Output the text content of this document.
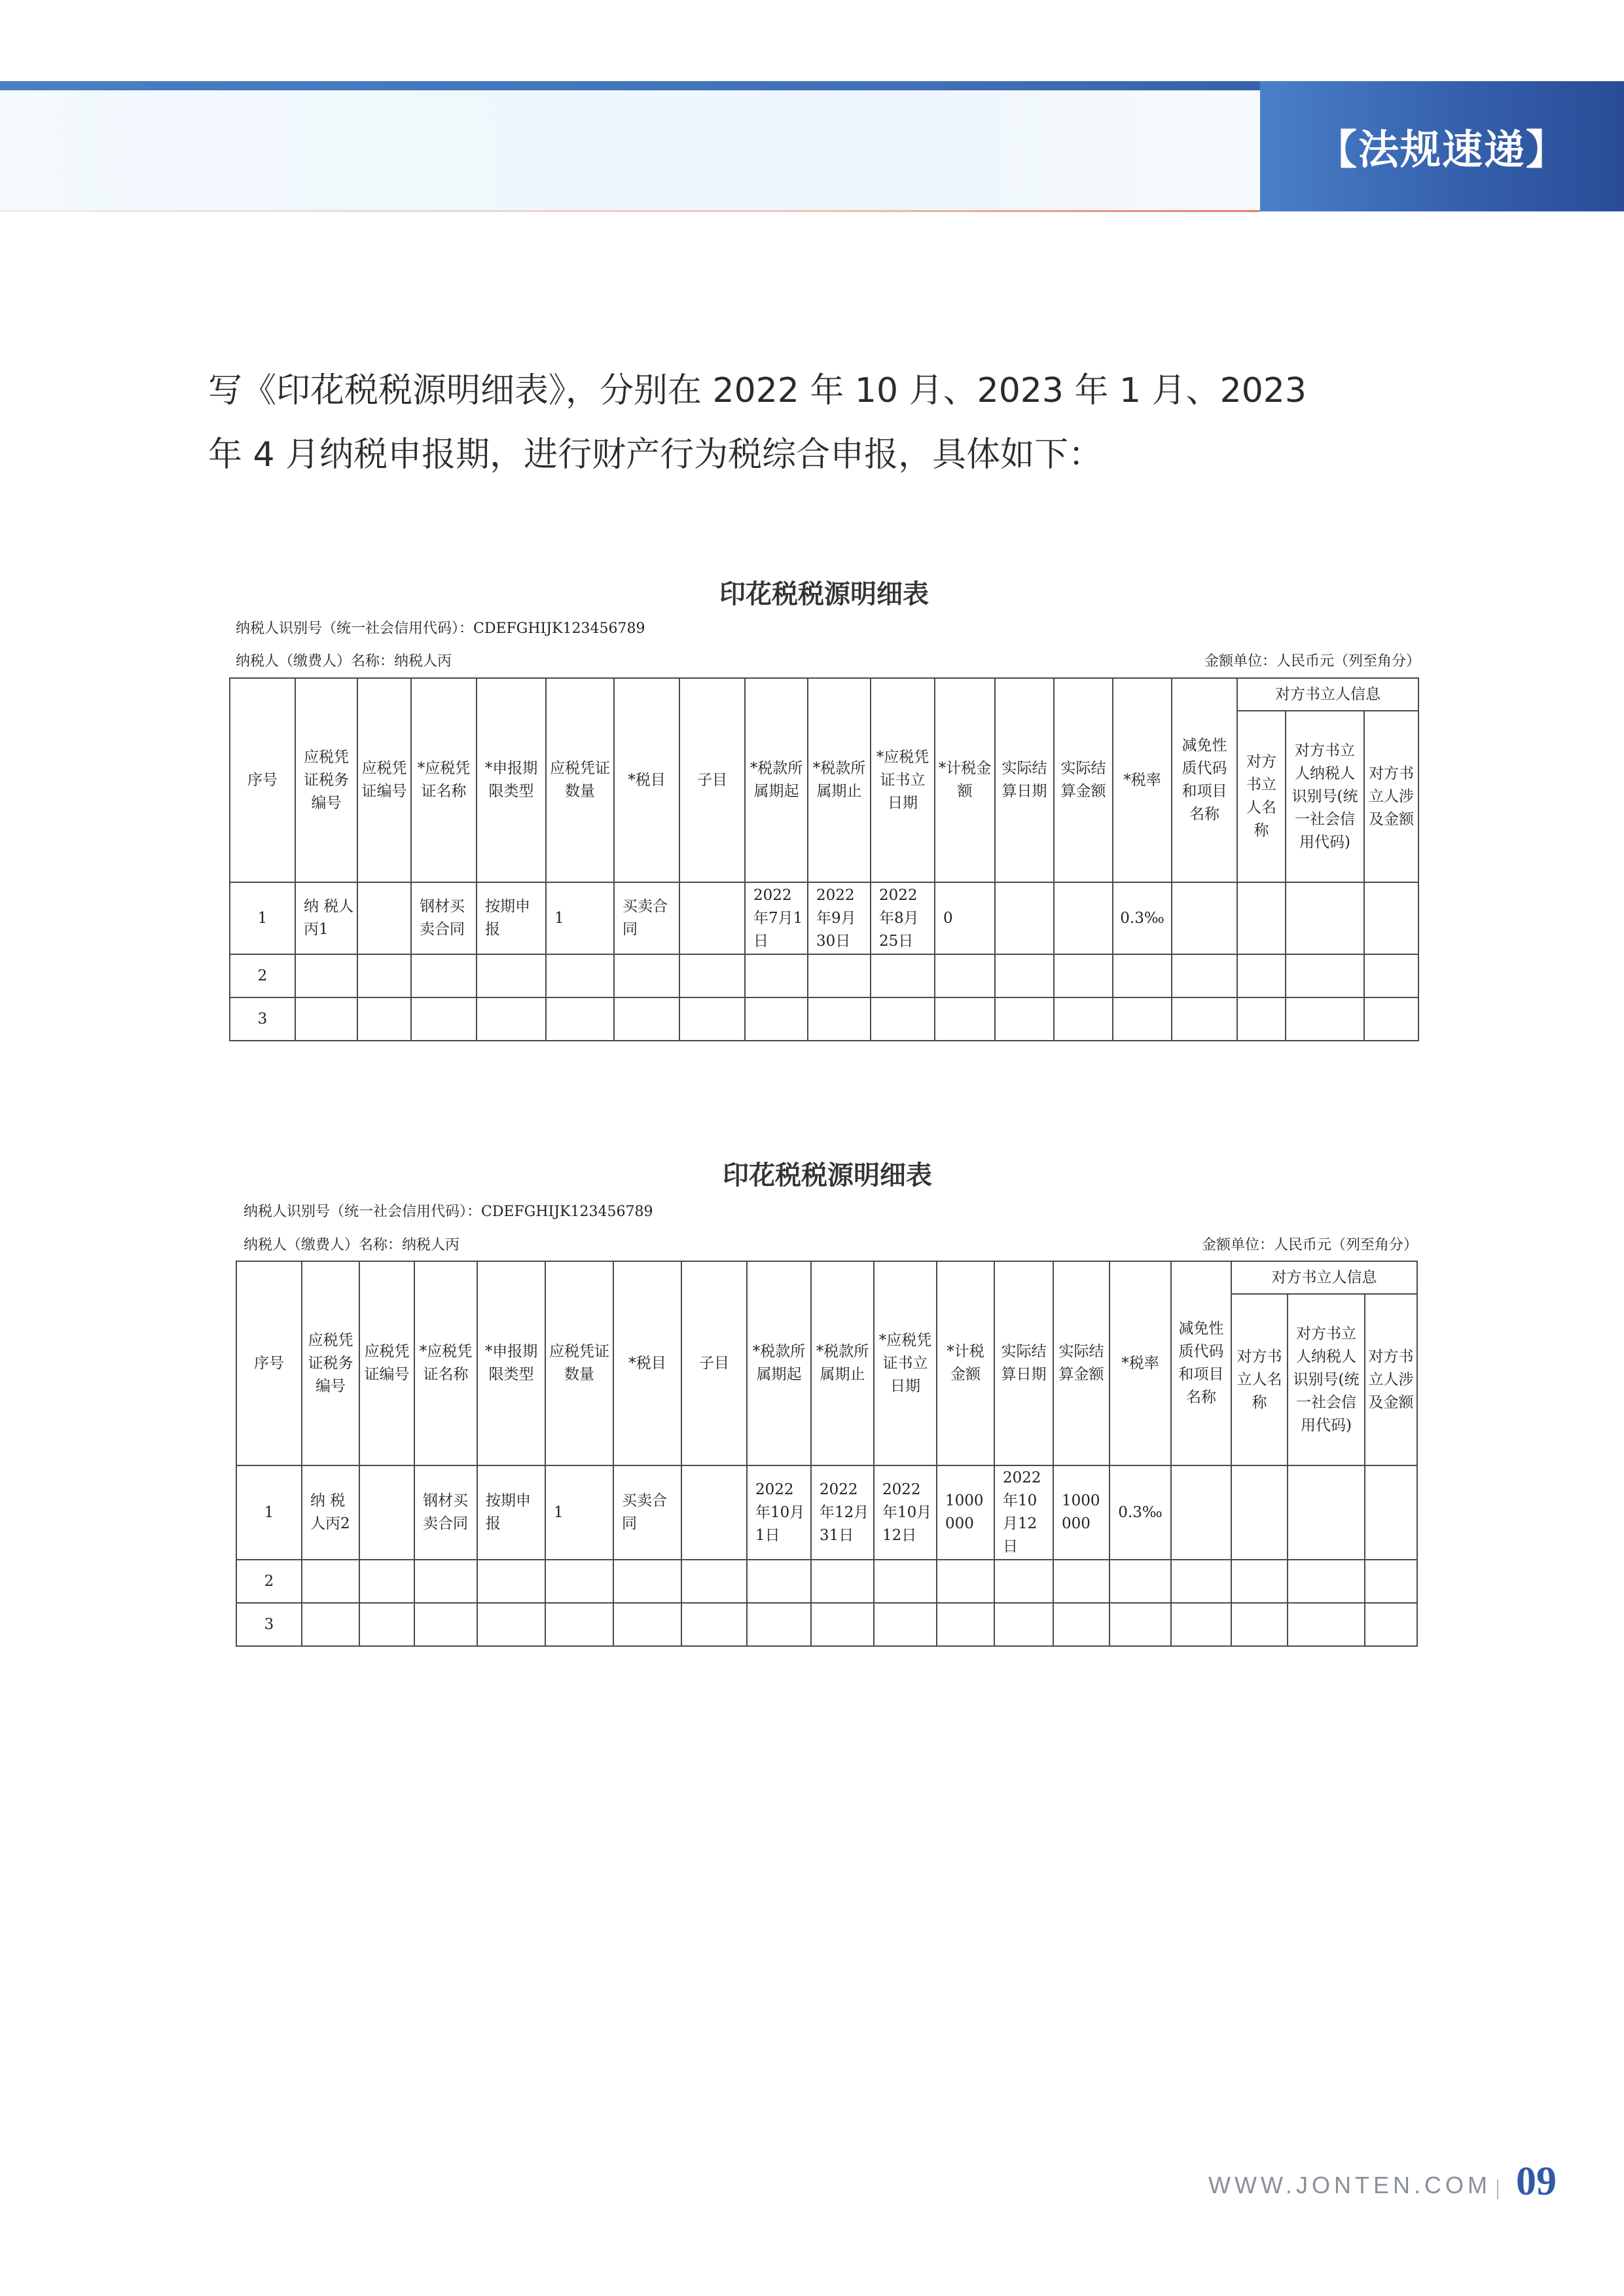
【法规速递】

写《印花税税源明细表》，分别在 2022 年 10 月、2023 年 1 月、2023

年 4 月纳税申报期，进行财产行为税综合申报，具体如下：

印花税税源明细表
纳税人识别号（统一社会信用代码）：CDEFGHIJK123456789
纳税人（缴费人）名称：纳税人丙	金额单位：人民币元（列至角分）
序号	应税凭证税务编号	应税凭证编号	*应税凭证名称	*申报期限类型	应税凭证数量	*税目	子目	*税款所属期起	*税款所属期止	*应税凭证书立日期	*计税金额	实际结算日期	实际结算金额	*税率	减免性质代码和项目名称	对方书立人信息		
																对方书立人名称	对方书立人纳税人识别号(统一社会信用代码)	对方书立人涉及金额
1	纳 税人丙1		钢材买卖合同	按期申报	1	买卖合同		2022年7月1日	2022年9月30日	2022年8月25日	0			0.3‰				
2																		
3																		
印花税税源明细表
纳税人识别号（统一社会信用代码）：CDEFGHIJK123456789
纳税人（缴费人）名称：纳税人丙	金额单位：人民币元（列至角分）
序号	应税凭证税务编号	应税凭证编号	*应税凭证名称	*申报期限类型	应税凭证数量	*税目	子目	*税款所属期起	*税款所属期止	*应税凭证书立日期	*计税金额	实际结算日期	实际结算金额	*税率	减免性质代码和项目名称	对方书立人信息		
																对方书立人名称	对方书立人纳税人识别号(统一社会信用代码)	对方书立人涉及金额
1	纳 税人丙2		钢材买卖合同	按期申报	1	买卖合同		2022年10月1日	2022年12月31日	2022年10月12日	1000000	2022年10月12日	1000000	0.3‰				
2																		
3																		
WWW.JONTEN.COM 09
